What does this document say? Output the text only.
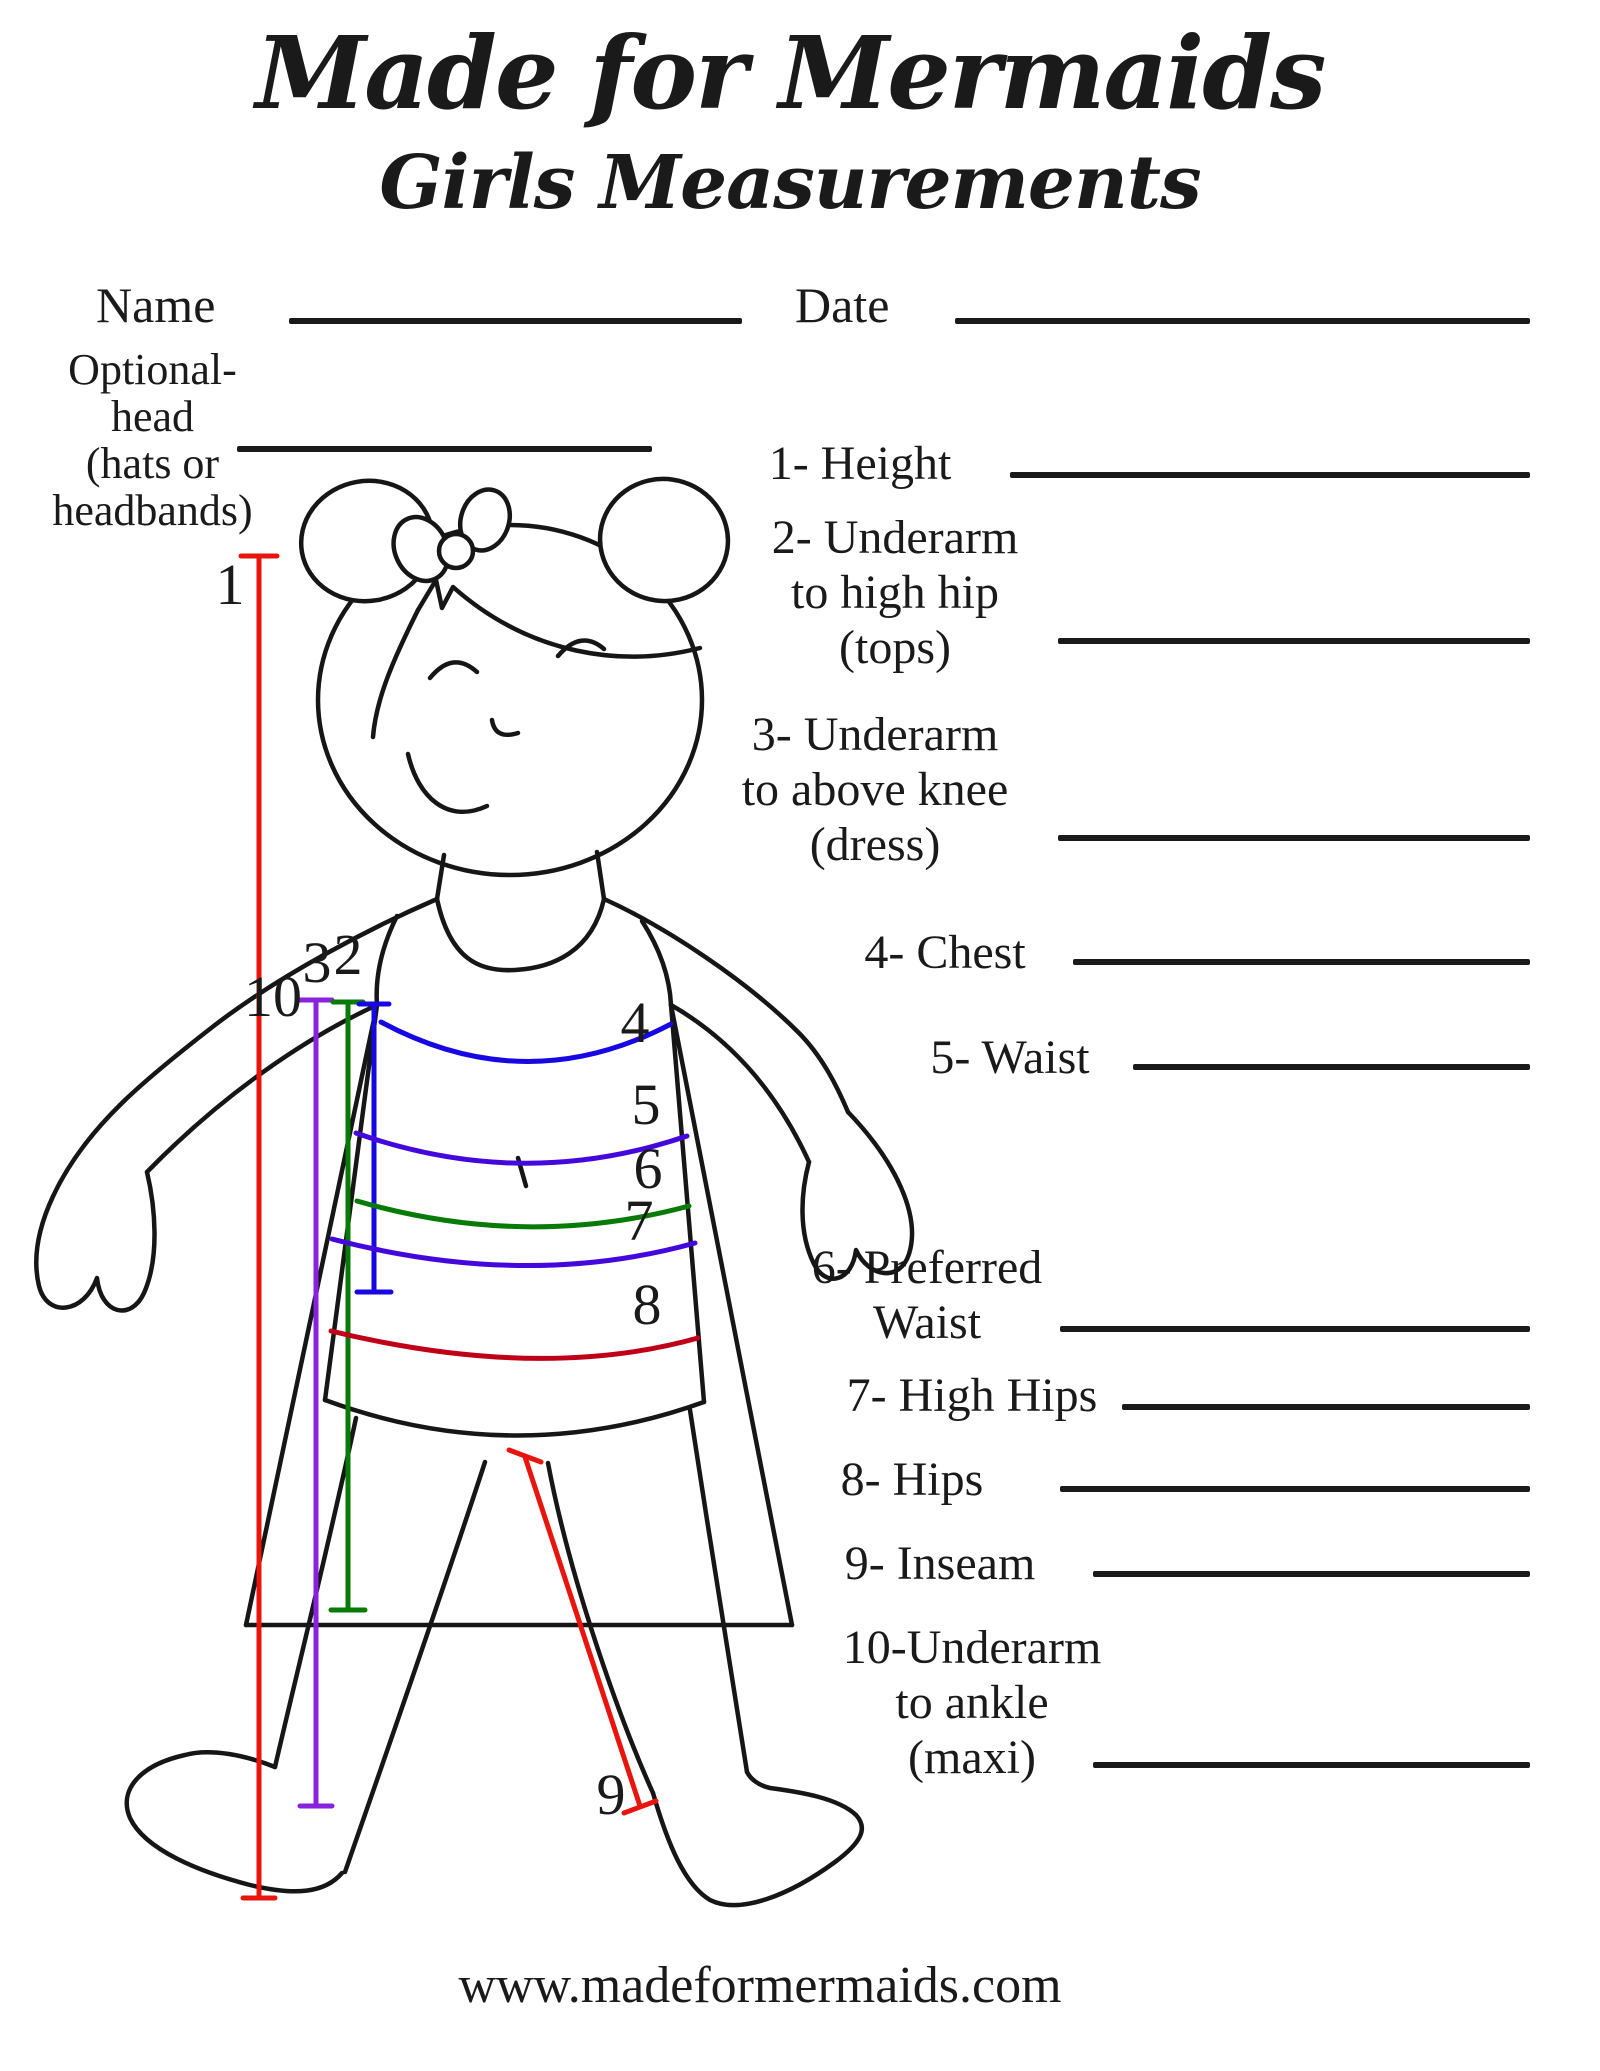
Made for Mermaids
Girls Measurements
Name	Date
Optional-
head
(hats or
headbands)
1- Height
2- Underarm
to high hip
(tops)
3- Underarm
to above knee
(dress)
4- Chest
5- Waist
6- Preferred
Waist
7- High Hips
8- Hips
9- Inseam
10-Underarm
to ankle
(maxi)
1
10
3 2
4
5
6
7
8
9
www.madeformermaids.com
